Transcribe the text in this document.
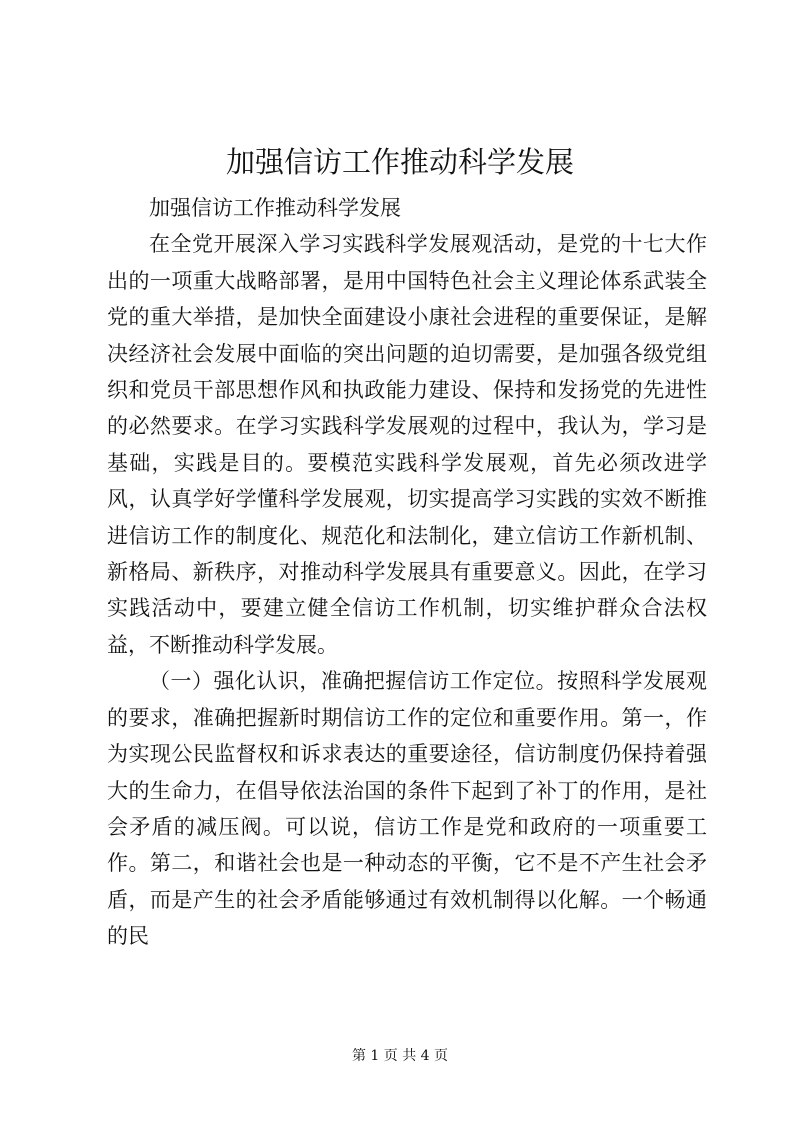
加强信访工作推动科学发展

加强信访工作推动科学发展

在全党开展深入学习实践科学发展观活动，是党的十七大作出的一项重大战略部署，是用中国特色社会主义理论体系武装全党的重大举措，是加快全面建设小康社会进程的重要保证，是解决经济社会发展中面临的突出问题的迫切需要，是加强各级党组织和党员干部思想作风和执政能力建设、保持和发扬党的先进性的必然要求。在学习实践科学发展观的过程中，我认为，学习是基础，实践是目的。要模范实践科学发展观，首先必须改进学风，认真学好学懂科学发展观，切实提高学习实践的实效不断推进信访工作的制度化、规范化和法制化，建立信访工作新机制、新格局、新秩序，对推动科学发展具有重要意义。因此，在学习实践活动中，要建立健全信访工作机制，切实维护群众合法权益，不断推动科学发展。

（一）强化认识，准确把握信访工作定位。按照科学发展观的要求，准确把握新时期信访工作的定位和重要作用。第一，作为实现公民监督权和诉求表达的重要途径，信访制度仍保持着强大的生命力，在倡导依法治国的条件下起到了补丁的作用，是社会矛盾的减压阀。可以说，信访工作是党和政府的一项重要工作。第二，和谐社会也是一种动态的平衡，它不是不产生社会矛盾，而是产生的社会矛盾能够通过有效机制得以化解。一个畅通的民

第 1 页 共 4 页
